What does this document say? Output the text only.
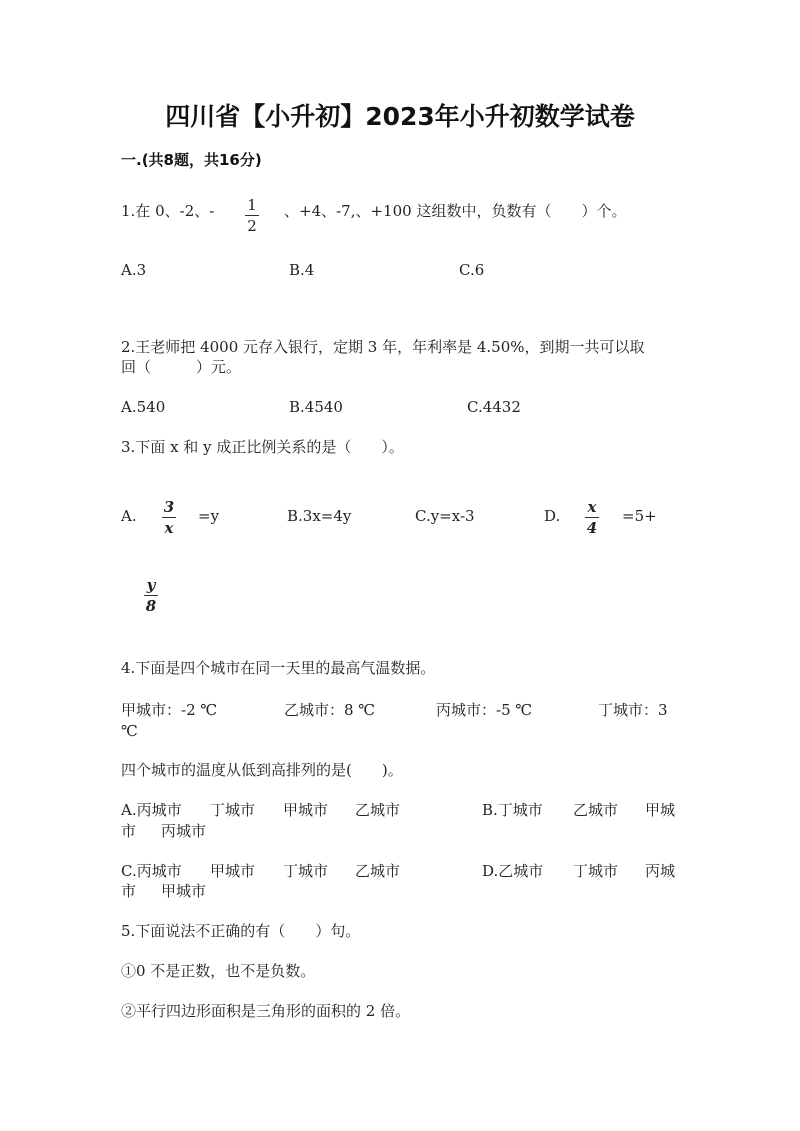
四川省【小升初】2023年小升初数学试卷
一.(共8题，共16分)
1.在 0、-2、- 1
2
、+4、-7,、+100 这组数中，负数有（　　）个。
A.3	B.4	C.6
2.王老师把 4000 元存入银行，定期 3 年，年利率是 4.50%，到期一共可以取
回（　　　）元。
A.540	B.4540	C.4432
3.下面 x 和 y 成正比例关系的是（　　）。
A. 3
x
=y	B.3x=4y	C.y=x-3	D. x
4
=5+
y
8
4.下面是四个城市在同一天里的最高气温数据。
甲城市：-2 ℃	乙城市：8 ℃	丙城市：-5 ℃	丁城市：3
℃
四个城市的温度从低到高排列的是(　　)。
A.丙城市 丁城市 甲城市 乙城市	B.丁城市 乙城市 甲城
市 丙城市
C.丙城市 甲城市 丁城市 乙城市	D.乙城市 丁城市 丙城
市 甲城市
5.下面说法不正确的有（　　）句。
①0 不是正数，也不是负数。
②平行四边形面积是三角形的面积的 2 倍。
